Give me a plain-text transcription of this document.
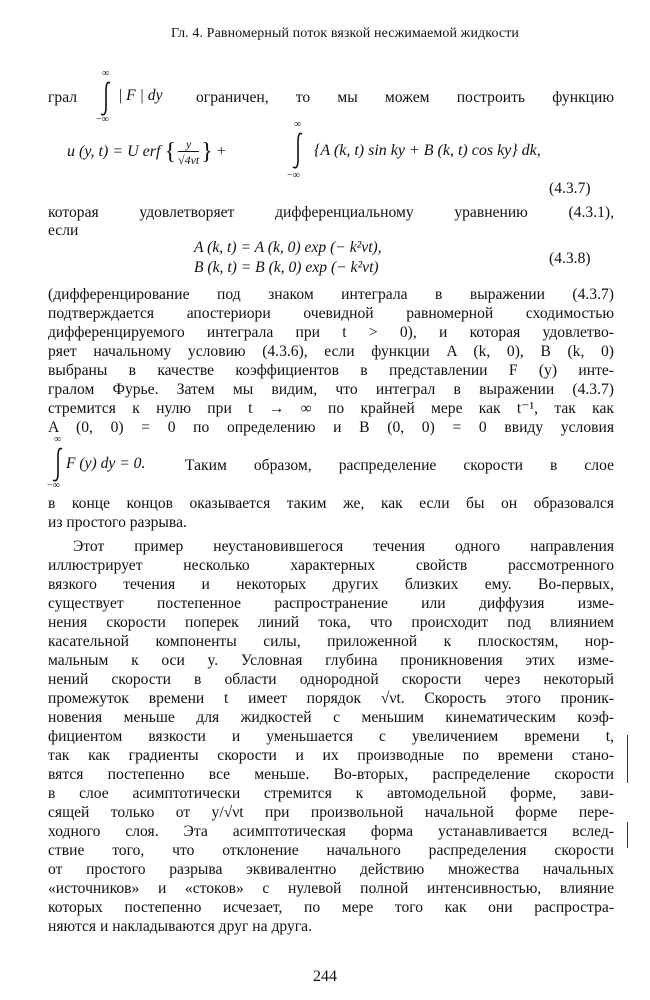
Гл. 4. Равномерный поток вязкой несжимаемой жидкости
грал
∞
−∞
| F | dy ограничен, то мы можем построить функцию
u (y, t) = U erf { $\frac{y}{√4\nu t}$ } +
∞
−∞
{A (k, t) sin ky + B (k, t) cos ky} dk,
(4.3.7)
которая удовлетворяет дифференциальному уравнению (4.3.1),
если
A (k, t) = A (k, 0) exp (− k²νt),
B (k, t) = B (k, 0) exp (− k²νt)
(4.3.8)
(дифференцирование под знаком интеграла в выражении (4.3.7)
подтверждается апостериори очевидной равномерной сходимостью
дифференцируемого интеграла при t > 0), и которая удовлетво-
ряет начальному условию (4.3.6), если функции A (k, 0), B (k, 0)
выбраны в качестве коэффициентов в представлении F (y) инте-
гралом Фурье. Затем мы видим, что интеграл в выражении (4.3.7)
стремится к нулю при t → ∞ по крайней мере как t⁻¹, так как
A (0, 0) = 0 по определению и B (0, 0) = 0 ввиду условия
∞
−∞
F (y) dy = 0.	Таким образом, распределение скорости в слое
в конце концов оказывается таким же, как если бы он образовался
из простого разрыва.
Этот пример неустановившегося течения одного направления
иллюстрирует несколько характерных свойств рассмотренного
вязкого течения и некоторых других близких ему. Во-первых,
существует постепенное распространение или диффузия изме-
нения скорости поперек линий тока, что происходит под влиянием
касательной компоненты силы, приложенной к плоскостям, нор-
мальным к оси y. Условная глубина проникновения этих изме-
нений скорости в области однородной скорости через некоторый
промежуток времени t имеет порядок √νt. Скорость этого проник-
новения меньше для жидкостей с меньшим кинематическим коэф-
фициентом вязкости и уменьшается с увеличением времени t,
так как градиенты скорости и их производные по времени стано-
вятся постепенно все меньше. Во-вторых, распределение скорости
в слое асимптотически стремится к автомодельной форме, зави-
сящей только от y/√νt при произвольной начальной форме пере-
ходного слоя. Эта асимптотическая форма устанавливается вслед-
ствие того, что отклонение начального распределения скорости
от простого разрыва эквивалентно действию множества начальных
«источников» и «стоков» с нулевой полной интенсивностью, влияние
которых постепенно исчезает, по мере того как они распростра-
няются и накладываются друг на друга.
244
